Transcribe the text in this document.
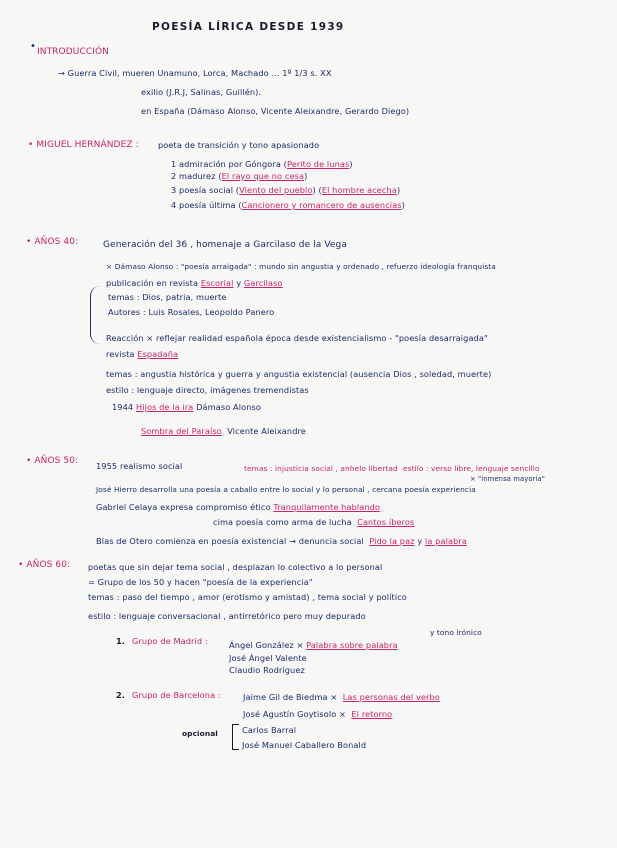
POESÍA LÍRICA DESDE 1939
• INTRODUCCIÓN
→ Guerra Civil, mueren Unamuno, Lorca, Machado ... 1º 1/3 s. XX
exilio (J.R.J, Salinas, Guillén).
en España (Dámaso Alonso, Vicente Aleixandre, Gerardo Diego)
• MIGUEL HERNÁNDEZ : poeta de transición y tono apasionado
1 admiración por Góngora (Perito de lunas)
2 madurez (El rayo que no cesa)
3 poesía social (Viento del pueblo) (El hombre acecha)
4 poesía última (Cancionero y romancero de ausencias)
• AÑOS 40:	Generación del 36 , homenaje a Garcilaso de la Vega
× Dámaso Alonso : "poesía arraigada" : mundo sin angustia y ordenado , refuerzo ideología franquista
publicación en revista Escorial y Garcilaso
temas : Dios, patria, muerte
Autores : Luis Rosales, Leopoldo Panero
Reacción × reflejar realidad española época desde existencialismo - "poesía desarraigada"
revista Espadaña
temas : angustia histórica y guerra y angustia existencial (ausencia Dios , soledad, muerte)
estilo : lenguaje directo, imágenes tremendistas
1944 Hijos de la ira Dámaso Alonso
Sombra del Paraíso Vicente Aleixandre
• AÑOS 50: 1955 realismo social	temas : injusticia social , anhelo libertad estilo : verso libre, lenguaje sencillo
× "inmensa mayoría"
José Hierro desarrolla una poesía a caballo entre lo social y lo personal , cercana poesía experiencia
Gabriel Celaya expresa compromiso ético Tranquilamente hablando
cima poesía como arma de lucha Cantos íberos
Blas de Otero comienza en poesía existencial → denuncia social Pido la paz y la palabra
• AÑOS 60: poetas que sin dejar tema social , desplazan lo colectivo a lo personal
= Grupo de los 50 y hacen "poesía de la experiencia"
temas : paso del tiempo , amor (erotismo y amistad) , tema social y político
estilo : lenguaje conversacional , antirretórico pero muy depurado
y tono irónico
1. Grupo de Madrid :	Ángel González × Palabra sobre palabra
José Ángel Valente
Claudio Rodríguez
2. Grupo de Barcelona :	Jaime Gil de Biedma × Las personas del verbo
José Agustín Goytisolo × El retorno
opcional	Carlos Barral
José Manuel Caballero Bonald
